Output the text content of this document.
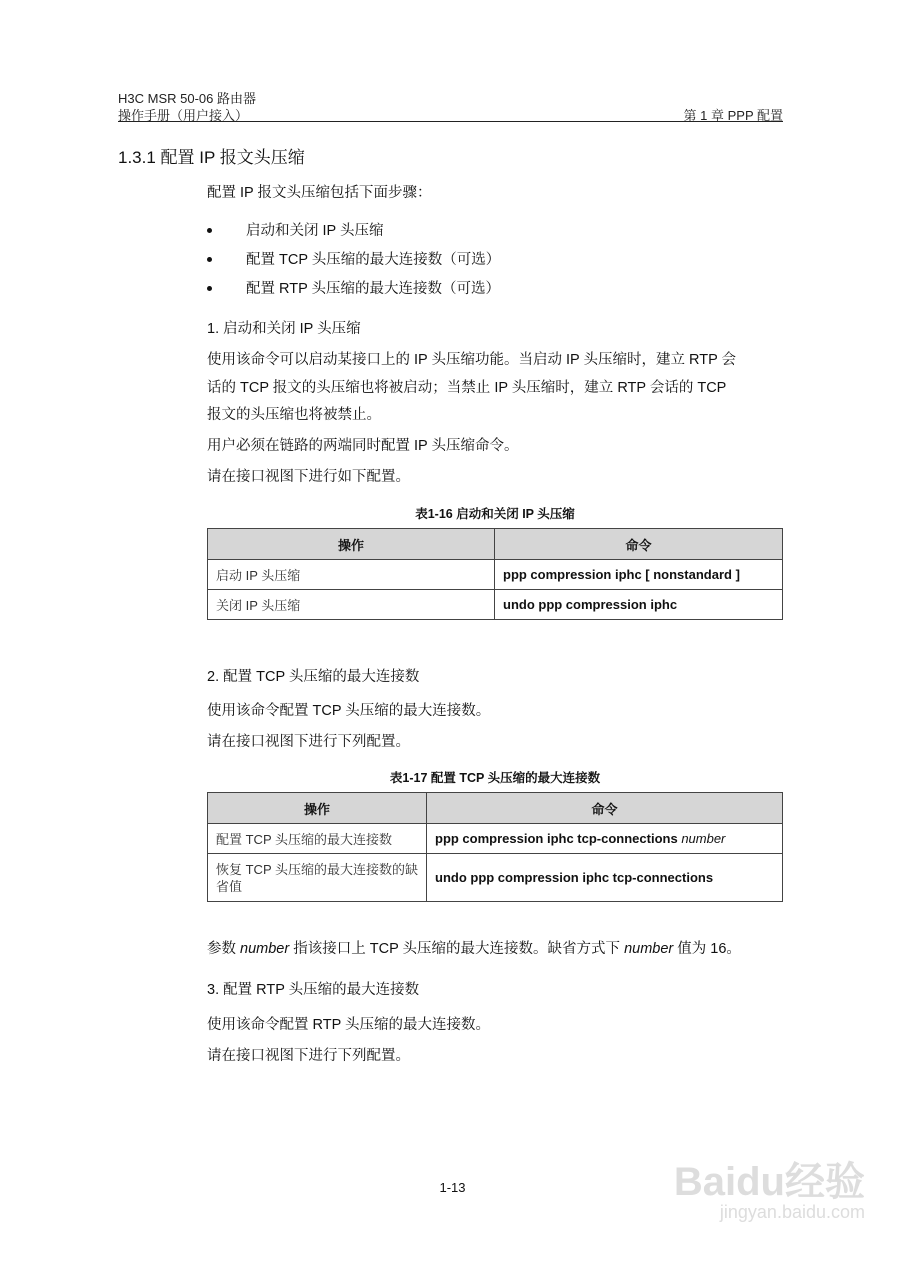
H3C MSR 50-06 路由器
操作手册（用户接入）	第 1 章 PPP 配置
1.3.1 配置 IP 报文头压缩
配置 IP 报文头压缩包括下面步骤：
启动和关闭 IP 头压缩
配置 TCP 头压缩的最大连接数（可选）
配置 RTP 头压缩的最大连接数（可选）
1. 启动和关闭 IP 头压缩
使用该命令可以启动某接口上的 IP 头压缩功能。当启动 IP 头压缩时，建立 RTP 会
话的 TCP 报文的头压缩也将被启动；当禁止 IP 头压缩时，建立 RTP 会话的 TCP
报文的头压缩也将被禁止。
用户必须在链路的两端同时配置 IP 头压缩命令。
请在接口视图下进行如下配置。
表1-16 启动和关闭 IP 头压缩
操作	命令
启动 IP 头压缩	ppp compression iphc [ nonstandard ]
关闭 IP 头压缩	undo ppp compression iphc
2. 配置 TCP 头压缩的最大连接数
使用该命令配置 TCP 头压缩的最大连接数。
请在接口视图下进行下列配置。
表1-17 配置 TCP 头压缩的最大连接数
操作	命令
配置 TCP 头压缩的最大连接数	ppp compression iphc tcp-connections number
恢复 TCP 头压缩的最大连接数的缺省值	undo ppp compression iphc tcp-connections
参数 number 指该接口上 TCP 头压缩的最大连接数。缺省方式下 number 值为 16。
3. 配置 RTP 头压缩的最大连接数
使用该命令配置 RTP 头压缩的最大连接数。
请在接口视图下进行下列配置。
1-13	Baidu经验
jingyan.baidu.com
